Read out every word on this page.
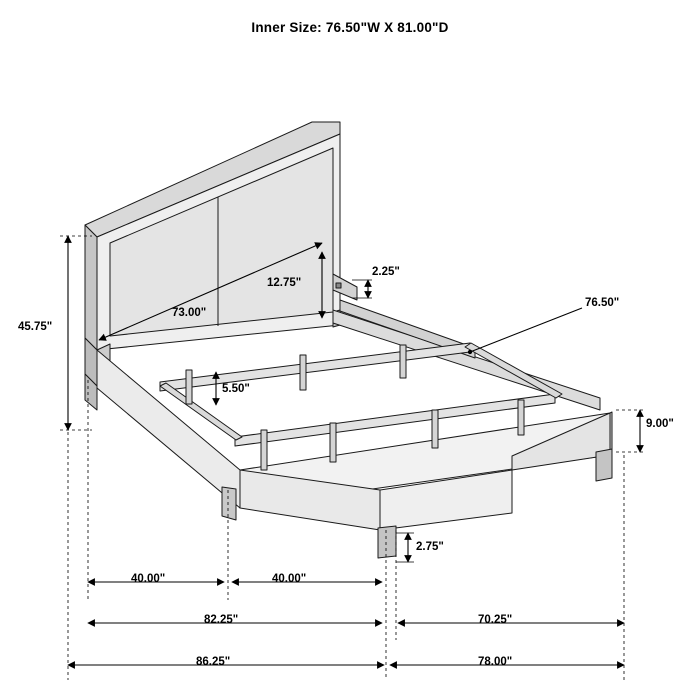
Inner Size: 76.50"W X 81.00"D
45.75"
73.00"
12.75"
2.25"
76.50"
5.50"
9.00"
2.75"
40.00"	40.00"
82.25"	70.25"
86.25"	78.00"
